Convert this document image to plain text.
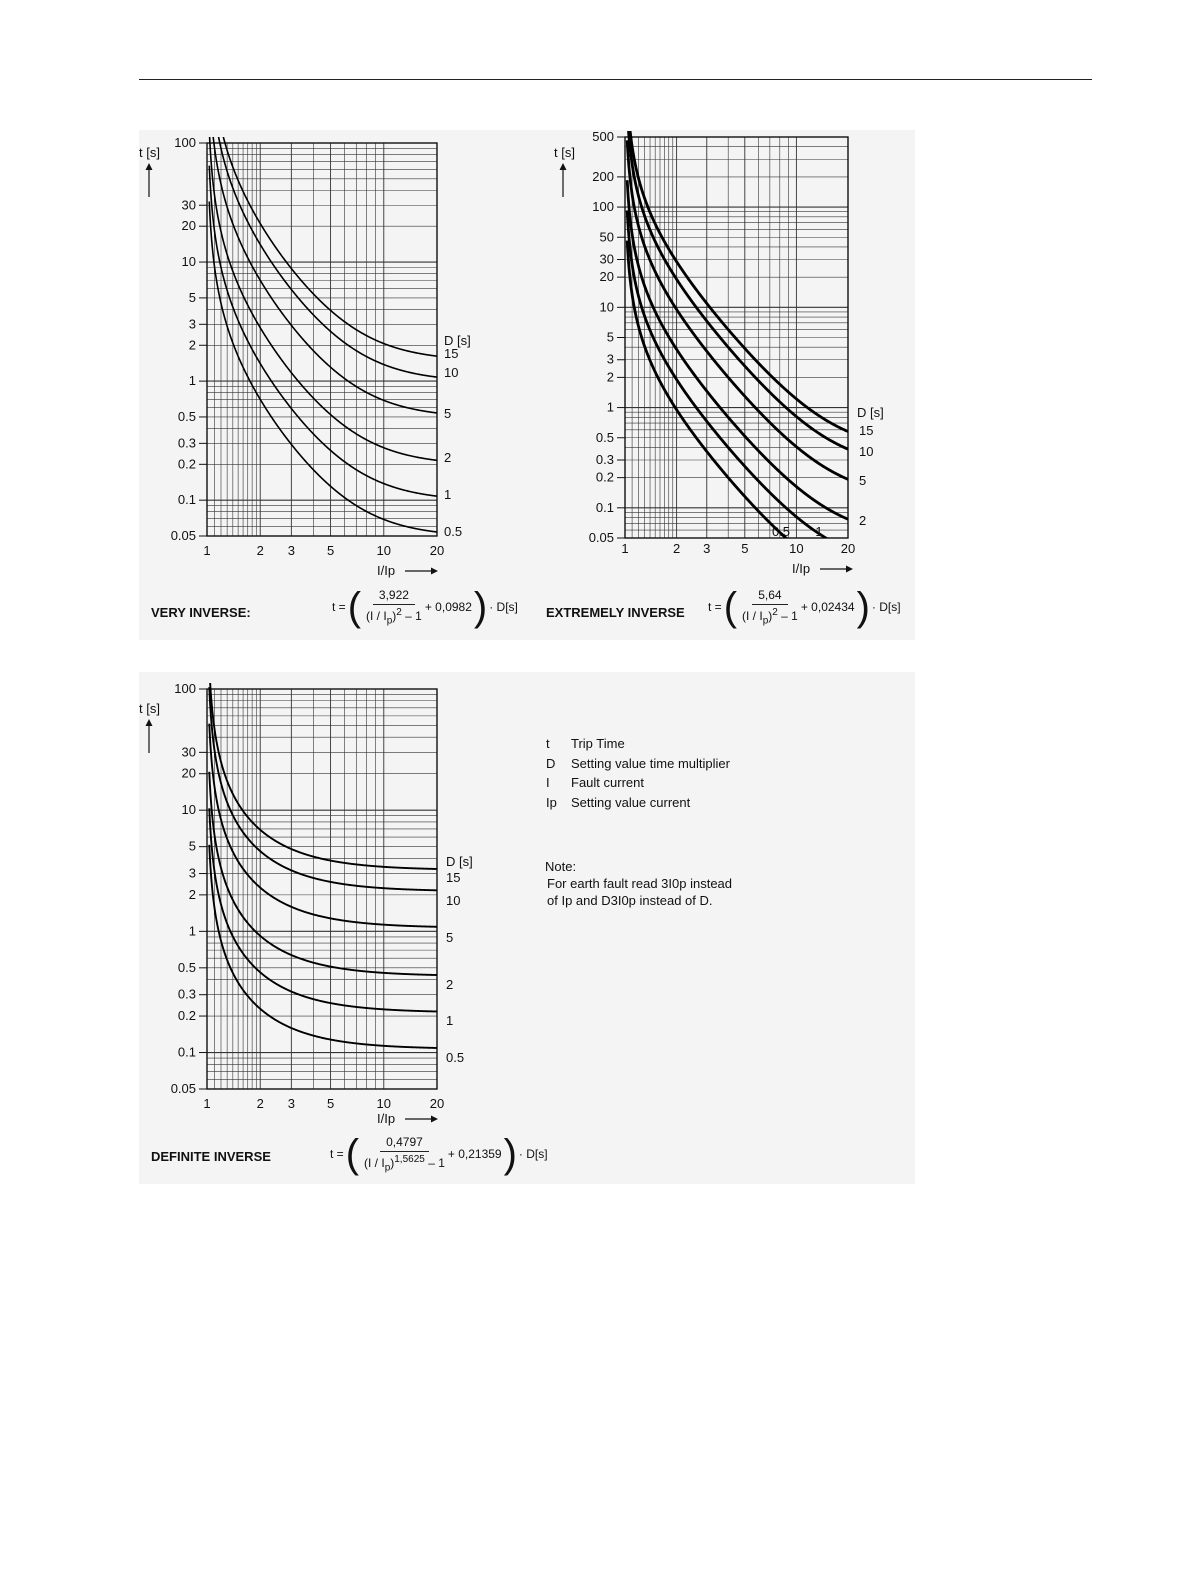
100
30
20
10
5
3
2
1
0.5
0.3
0.2
0.1
0.05
1	2 3 5	10	20
t [s]
I/Ip
D [s]
15
10
5
2
1
0.5
500
200
100
50
30
20
10
5
3
2
1
0.5
0.3
0.2
0.1
0.05
1	2 3 5	10	20
t [s]
I/Ip
D [s]
15
10
5
2
0.5 1
100
30
20
10
5
3
2
1
0.5
0.3
0.2
0.1
0.05
1	2 3 5	10	20
t [s]
I/Ip
D [s]
15
10
5
2
1
0.5
VERY INVERSE:	EXTREMELY INVERSE
DEFINITE INVERSE
t = ( $\frac{3,922}{(I / I_p)^2 - 1} + 0,0982$ ) · D[s]	t = ( $\frac{5,64}{(I / I_p)^2 - 1} + 0,02434$ ) · D[s]
t = ( $\frac{0,4797}{(I / I_p)^{1,5625} - 1} + 0,21359$ ) · D[s]
t	Trip Time
D	Setting value time multiplier
I	Fault current
Ip	Setting value current
Note:
For earth fault read 3I0p instead
of Ip and D3I0p instead of D.
